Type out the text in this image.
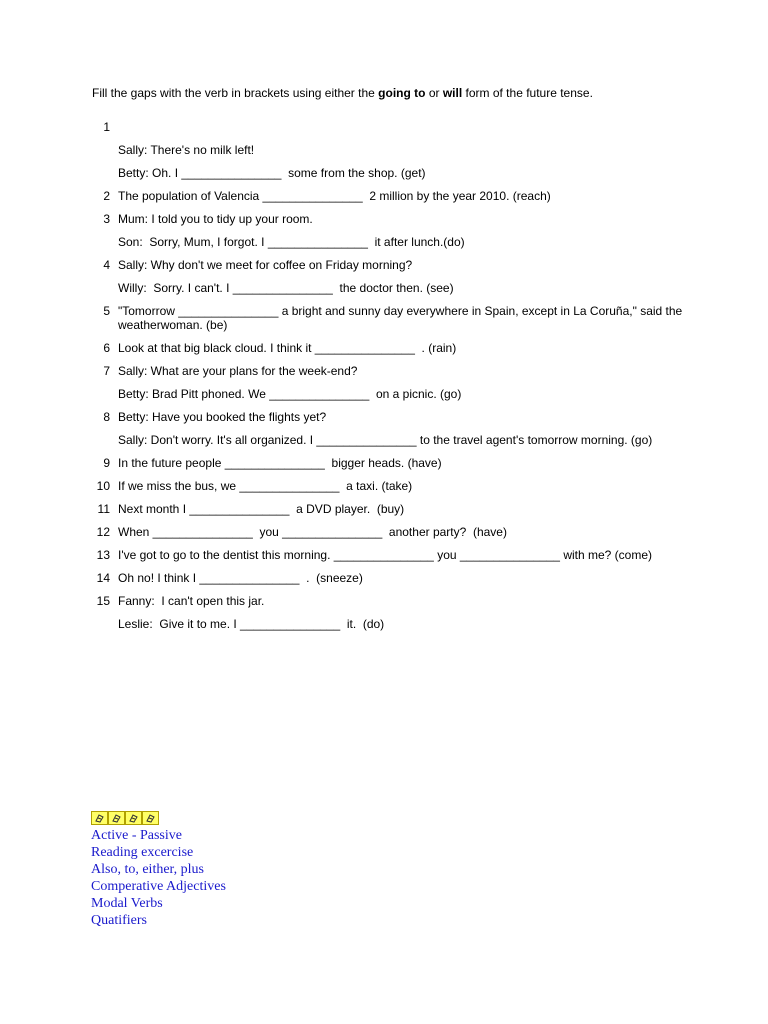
Fill the gaps with the verb in brackets using either the going to or will form of the future tense.
1
Sally: There's no milk left!
Betty: Oh. I _______________  some from the shop. (get)
2 The population of Valencia _______________  2 million by the year 2010. (reach)
3 Mum: I told you to tidy up your room.
Son:  Sorry, Mum, I forgot. I _______________  it after lunch.(do)
4 Sally: Why don't we meet for coffee on Friday morning?
Willy:  Sorry. I can't. I _______________  the doctor then. (see)
5 "Tomorrow _______________ a bright and sunny day everywhere in Spain, except in La Coruña," said the weatherwoman. (be)
6 Look at that big black cloud. I think it _______________  . (rain)
7 Sally: What are your plans for the week-end?
Betty: Brad Pitt phoned. We _______________  on a picnic. (go)
8 Betty: Have you booked the flights yet?
Sally: Don't worry. It's all organized. I _______________ to the travel agent's tomorrow morning. (go)
9 In the future people _______________  bigger heads. (have)
10 If we miss the bus, we _______________  a taxi. (take)
11 Next month I _______________  a DVD player.  (buy)
12 When _______________  you _______________  another party?  (have)
13 I've got to go to the dentist this morning. _______________ you _______________ with me? (come)
14 Oh no! I think I _______________  .  (sneeze)
15 Fanny:  I can't open this jar.
Leslie:  Give it to me. I _______________  it.  (do)
Active - Passive
Reading excercise
Also, to, either, plus
Comperative Adjectives
Modal Verbs
Quatifiers
